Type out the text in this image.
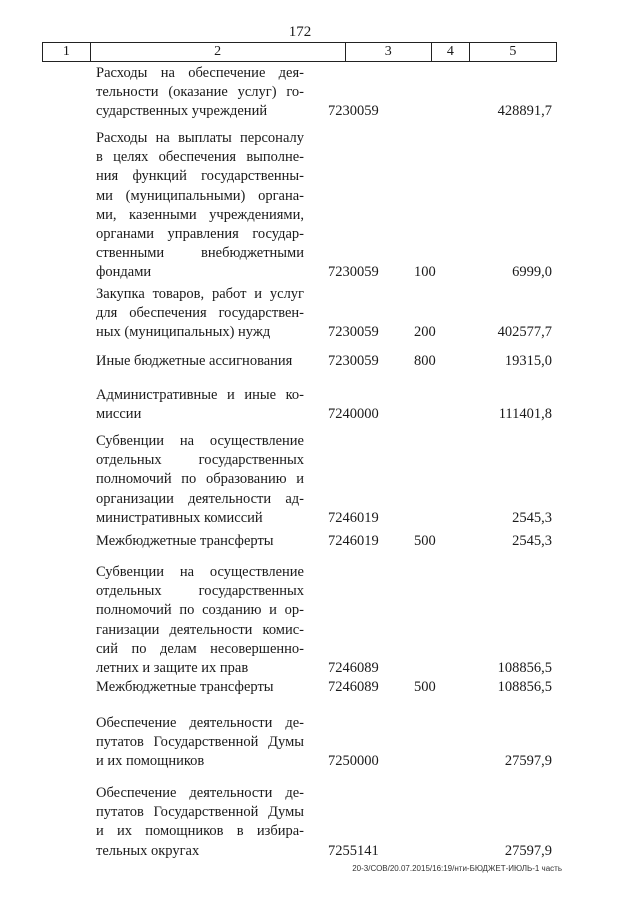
172
1	2	3	4	5
Расходы на обеспечение дея-
тельности (оказание услуг) го-
сударственных учреждений	7230059	428891,7
Расходы на выплаты персоналу
в целях обеспечения выполне-
ния функций государственны-
ми (муниципальными) органа-
ми, казенными учреждениями,
органами управления государ-
ственными внебюджетными
фондами	7230059 100	6999,0
Закупка товаров, работ и услуг
для обеспечения государствен-
ных (муниципальных) нужд	7230059 200	402577,7
Иные бюджетные ассигнования	7230059 800	19315,0
Административные и иные ко-
миссии	7240000	111401,8
Субвенции на осуществление
отдельных государственных
полномочий по образованию и
организации деятельности ад-
министративных комиссий	7246019	2545,3
Межбюджетные трансферты	7246019 500	2545,3
Субвенции на осуществление
отдельных государственных
полномочий по созданию и ор-
ганизации деятельности комис-
сий по делам несовершенно-
летних и защите их прав	7246089	108856,5
Межбюджетные трансферты	7246089 500	108856,5
Обеспечение деятельности де-
путатов Государственной Думы
и их помощников	7250000	27597,9
Обеспечение деятельности де-
путатов Государственной Думы
и их помощников в избира-
тельных округах	7255141	27597,9
20-3/СОВ/20.07.2015/16:19/нти-БЮДЖЕТ-ИЮЛЬ-1 часть
